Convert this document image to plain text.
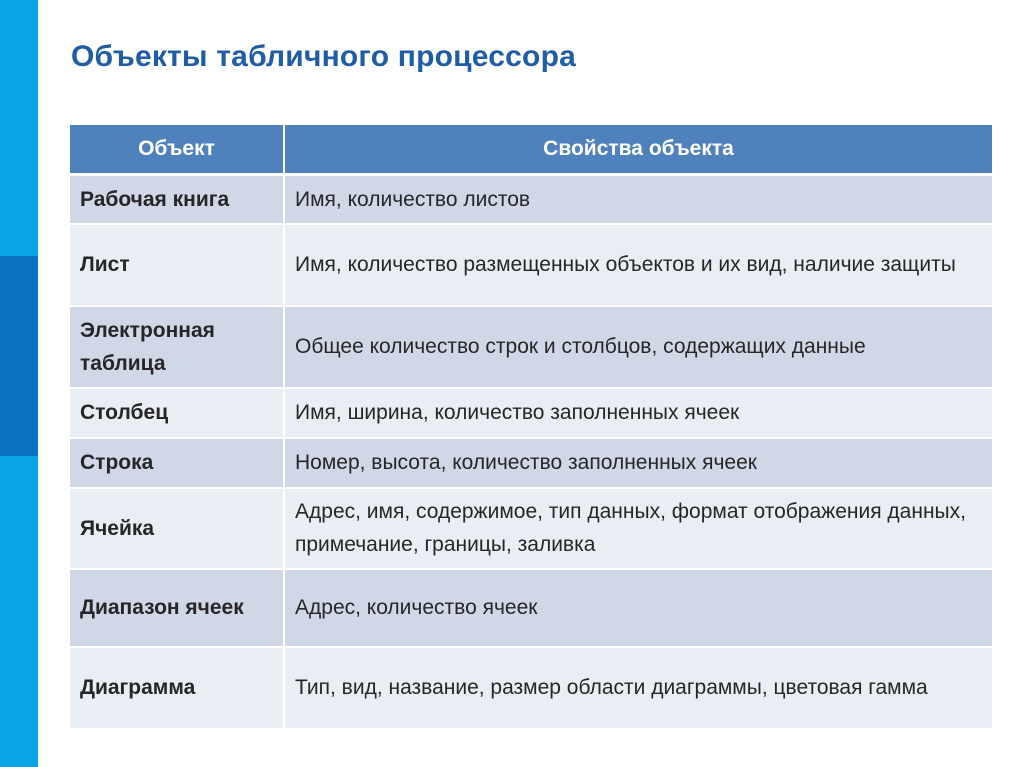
Объекты табличного процессора
Объект	Свойства объекта
Рабочая книга	Имя, количество листов
Лист	Имя, количество размещенных объектов и их вид, наличие защиты
Электронная таблица	Общее количество строк и столбцов, содержащих данные
Столбец	Имя, ширина, количество заполненных ячеек
Строка	Номер, высота, количество заполненных ячеек
Ячейка	Адрес, имя, содержимое, тип данных, формат отображения данных, примечание, границы, заливка
Диапазон ячеек	Адрес, количество ячеек
Диаграмма	Тип, вид, название, размер области диаграммы, цветовая гамма
